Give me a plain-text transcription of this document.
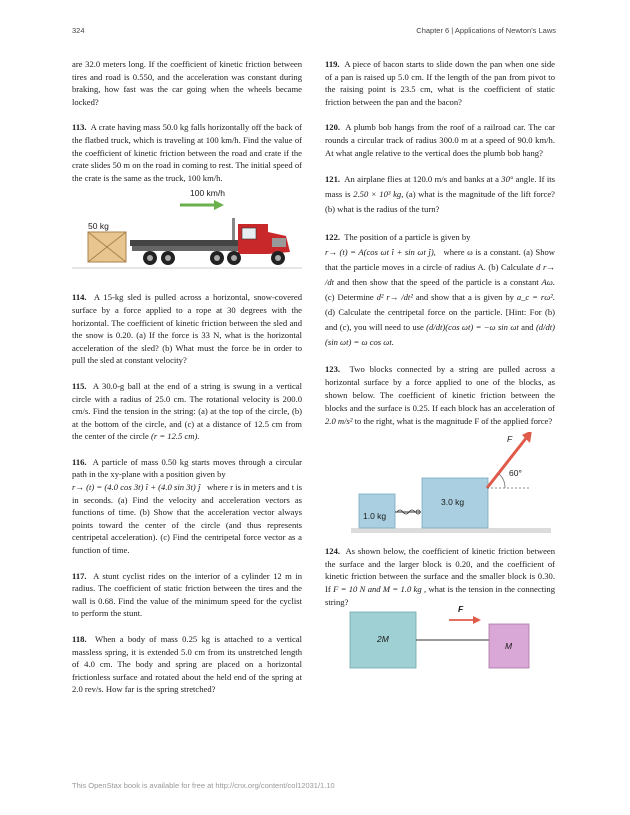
324	Chapter 6 | Applications of Newton's Laws

are 32.0 meters long. If the coefficient of kinetic friction between tires and road is 0.550, and the acceleration was constant during braking, how fast was the car going when the wheels became locked?

113. A crate having mass 50.0 kg falls horizontally off the back of the flatbed truck, which is traveling at 100 km/h. Find the value of the coefficient of kinetic friction between the road and crate if the crate slides 50 m on the road in coming to rest. The initial speed of the crate is the same as the truck, 100 km/h.

100 km/h
50 kg

114. A 15-kg sled is pulled across a horizontal, snow-covered surface by a force applied to a rope at 30 degrees with the horizontal. The coefficient of kinetic friction between the sled and the snow is 0.20. (a) If the force is 33 N, what is the horizontal acceleration of the sled? (b) What must the force be in order to pull the sled at constant velocity?

115. A 30.0-g ball at the end of a string is swung in a vertical circle with a radius of 25.0 cm. The rotational velocity is 200.0 cm/s. Find the tension in the string: (a) at the top of the circle, (b) at the bottom of the circle, and (c) at a distance of 12.5 cm from the center of the circle (r = 12.5 cm).

116. A particle of mass 0.50 kg starts moves through a circular path in the xy-plane with a position given by
r→ (t) = (4.0 cos 3t) î + (4.0 sin 3t) ĵ where r is in meters and t is in seconds. (a) Find the velocity and acceleration vectors as functions of time. (b) Show that the acceleration vector always points toward the center of the circle (and thus represents centripetal acceleration). (c) Find the centripetal force vector as a function of time.

117. A stunt cyclist rides on the interior of a cylinder 12 m in radius. The coefficient of static friction between the tires and the wall is 0.68. Find the value of the minimum speed for the cyclist to perform the stunt.

118. When a body of mass 0.25 kg is attached to a vertical massless spring, it is extended 5.0 cm from its unstretched length of 4.0 cm. The body and spring are placed on a horizontal frictionless surface and rotated about the held end of the spring at 2.0 rev/s. How far is the spring stretched?

119. A piece of bacon starts to slide down the pan when one side of a pan is raised up 5.0 cm. If the length of the pan from pivot to the raising point is 23.5 cm, what is the coefficient of static friction between the pan and the bacon?

120. A plumb bob hangs from the roof of a railroad car. The car rounds a circular track of radius 300.0 m at a speed of 90.0 km/h. At what angle relative to the vertical does the plumb bob hang?

121. An airplane flies at 120.0 m/s and banks at a 30° angle. If its mass is 2.50 × 10³ kg, (a) what is the magnitude of the lift force? (b) what is the radius of the turn?

122. The position of a particle is given by
r→ (t) = A(cos ωt î + sin ωt ĵ), where ω is a constant. (a) Show that the particle moves in a circle of radius A. (b) Calculate d r→ /dt and then show that the speed of the particle is a constant Aω. (c) Determine d² r→ /dt² and show that a is given by a_c = rω². (d) Calculate the centripetal force on the particle. [Hint: For (b) and (c), you will need to use (d/dt)(cos ωt) = −ω sin ωt and (d/dt)(sin ωt) = ω cos ωt.

123. Two blocks connected by a string are pulled across a horizontal surface by a force applied to one of the blocks, as shown below. The coefficient of kinetic friction between the blocks and the surface is 0.25. If each block has an acceleration of 2.0 m/s² to the right, what is the magnitude F of the applied force?

F
60°
3.0 kg
1.0 kg

124. As shown below, the coefficient of kinetic friction between the surface and the larger block is 0.20, and the coefficient of kinetic friction between the surface and the smaller block is 0.30. If F = 10 N and M = 1.0 kg , what is the tension in the connecting string?

F
2M
M
This OpenStax book is available for free at http://cnx.org/content/col12031/1.10
